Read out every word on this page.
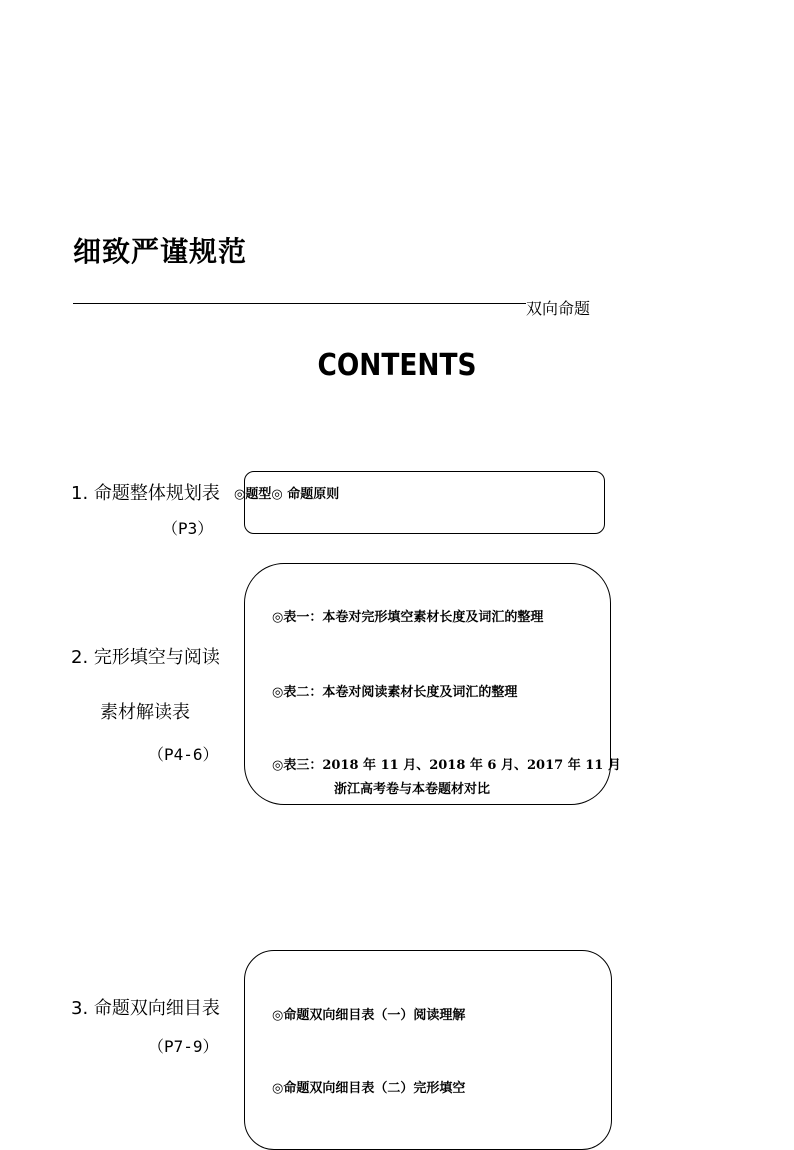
细致严谨规范
双向命题
CONTENTS
1. 命题整体规划表 ◎题型◎ 命题原则
（P3）
2. 完形填空与阅读
素材解读表
（P4-6）
◎表一：本卷对完形填空素材长度及词汇的整理
◎表二：本卷对阅读素材长度及词汇的整理
◎表三：2018 年 11 月、2018 年 6 月、2017 年 11 月
浙江高考卷与本卷题材对比
3. 命题双向细目表
（P7-9）
◎命题双向细目表（一）阅读理解
◎命题双向细目表（二）完形填空
